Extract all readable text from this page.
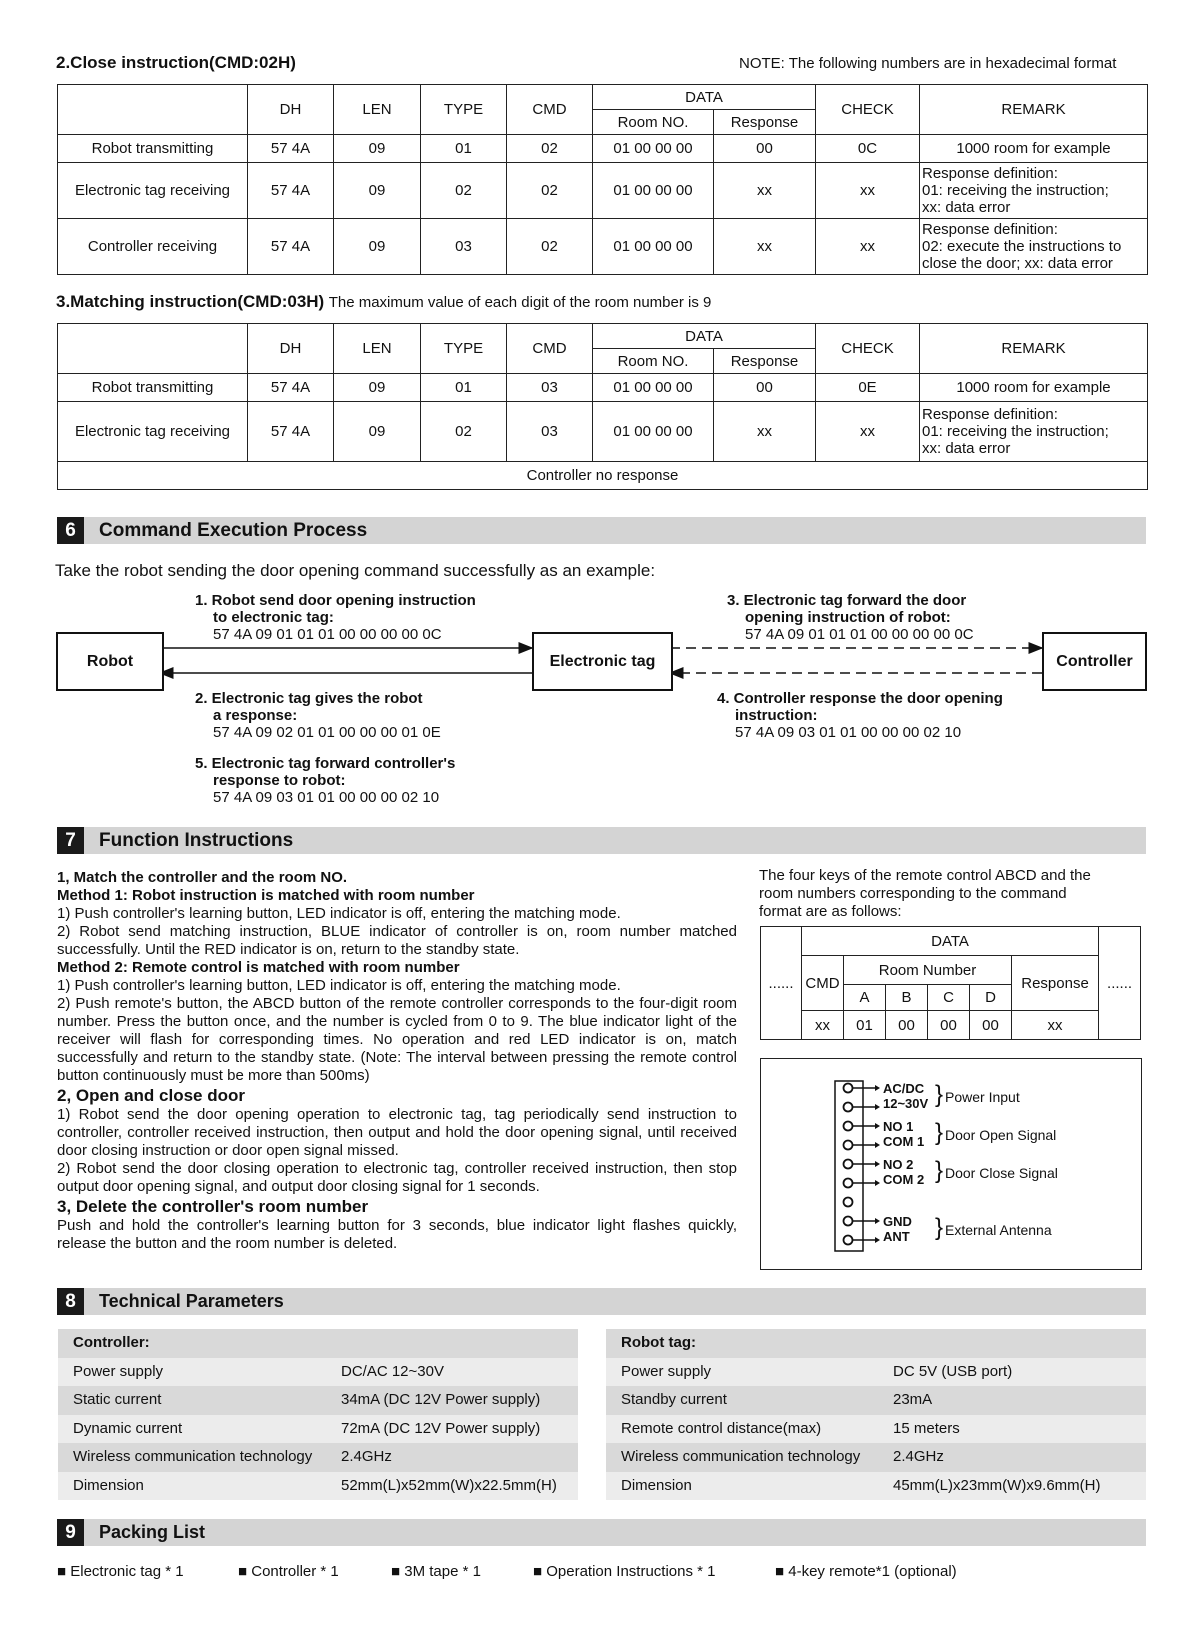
2.Close instruction(CMD:02H)	NOTE: The following numbers are in hexadecimal format
	DH	LEN	TYPE	CMD	DATA		CHECK	REMARK
					Room NO.	Response		
Robot transmitting	57 4A	09	01	02	01 00 00 00	00	0C	1000 room for example
Electronic tag receiving	57 4A	09	02	02	01 00 00 00	xx	xx	Response definition:
01: receiving the instruction;
xx: data error

Controller receiving	57 4A	09	03	02	01 00 00 00	xx	xx	Response definition:
02: execute the instructions to
close the door; xx: data error
3.Matching instruction(CMD:03H) The maximum value of each digit of the room number is 9
	DH	LEN	TYPE	CMD	DATA		CHECK	REMARK
					Room NO.	Response		
Robot transmitting	57 4A	09	01	03	01 00 00 00	00	0E	1000 room for example
Electronic tag receiving	57 4A	09	02	03	01 00 00 00	xx	xx	Response definition:
01: receiving the instruction;
xx: data error

Controller no response								
6	Command Execution Process
Take the robot sending the door opening command successfully as an example:
1. Robot send door opening instruction
to electronic tag:
57 4A 09 01 01 01 00 00 00 00 0C
3. Electronic tag forward the door
opening instruction of robot:
57 4A 09 01 01 01 00 00 00 00 0C
Robot	Electronic tag	Controller
2. Electronic tag gives the robot
a response:
57 4A 09 02 01 01 00 00 00 01 0E
4. Controller response the door opening
instruction:
57 4A 09 03 01 01 00 00 00 02 10
5. Electronic tag forward controller's
response to robot:
57 4A 09 03 01 01 00 00 00 02 10
7	Function Instructions
1, Match the controller and the room NO.
Method 1: Robot instruction is matched with room number
1) Push controller's learning button, LED indicator is off, entering the matching mode.
2) Robot send matching instruction, BLUE indicator of controller is on, room number matched successfully. Until the RED indicator is on, return to the standby state.
Method 2: Remote control is matched with room number
1) Push controller's learning button, LED indicator is off, entering the matching mode.
2) Push remote's button, the ABCD button of the remote controller corresponds to the four-digit room number. Press the button once, and the number is cycled from 0 to 9. The blue indicator light of the receiver will flash for corresponding times. No operation and red LED indicator is on, match successfully and return to the standby state. (Note: The interval between pressing the remote control button continuously must be more than 500ms)
2, Open and close door
1) Robot send the door opening operation to electronic tag, tag periodically send instruction to controller, controller received instruction, then output and hold the door opening signal, until received door closing instruction or door open signal missed.
2) Robot send the door closing operation to electronic tag, controller received instruction, then stop output door opening signal, and output door closing signal for 1 seconds.
3, Delete the controller's room number
Push and hold the controller's learning button for 3 seconds, blue indicator light flashes quickly, release the button and the room number is deleted.
The four keys of the remote control ABCD and the
room numbers corresponding to the command
format are as follows:
......	DATA						......
	CMD	Room Number				Response	
		A	B	C	D		
	xx	01	00	00	00	xx	
AC/DC
12~30V } Power Input
NO 1
COM 1 } Door Open Signal
NO 2
COM 2 } Door Close Signal
GND
ANT } External Antenna
8	Technical Parameters
Controller:
Power supply	DC/AC 12~30V
Static current	34mA (DC 12V Power supply)
Dynamic current	72mA (DC 12V Power supply)
Wireless communication technology 2.4GHz
Dimension	52mm(L)x52mm(W)x22.5mm(H)
Robot tag:
Power supply	DC 5V (USB port)
Standby current	23mA
Remote control distance(max)	15 meters
Wireless communication technology 2.4GHz
Dimension	45mm(L)x23mm(W)x9.6mm(H)
9	Packing List
■ Electronic tag * 1	■ Controller * 1	■ 3M tape * 1	■ Operation Instructions * 1	■ 4-key remote*1 (optional)
